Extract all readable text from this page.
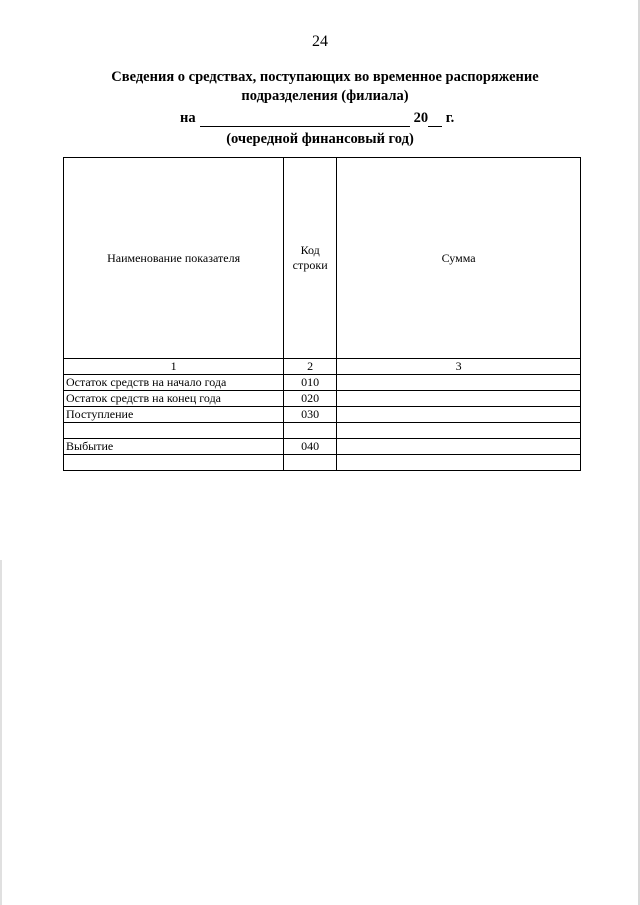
24
Сведения о средствах, поступающих во временное распоряжение
подразделения (филиала)
на	20 г.
(очередной финансовый год)
Наименование показателя	Код строки	Сумма
1	2	3
Остаток средств на начало года	010	
Остаток средств на конец года	020	
Поступление	030	

Выбытие	040	
